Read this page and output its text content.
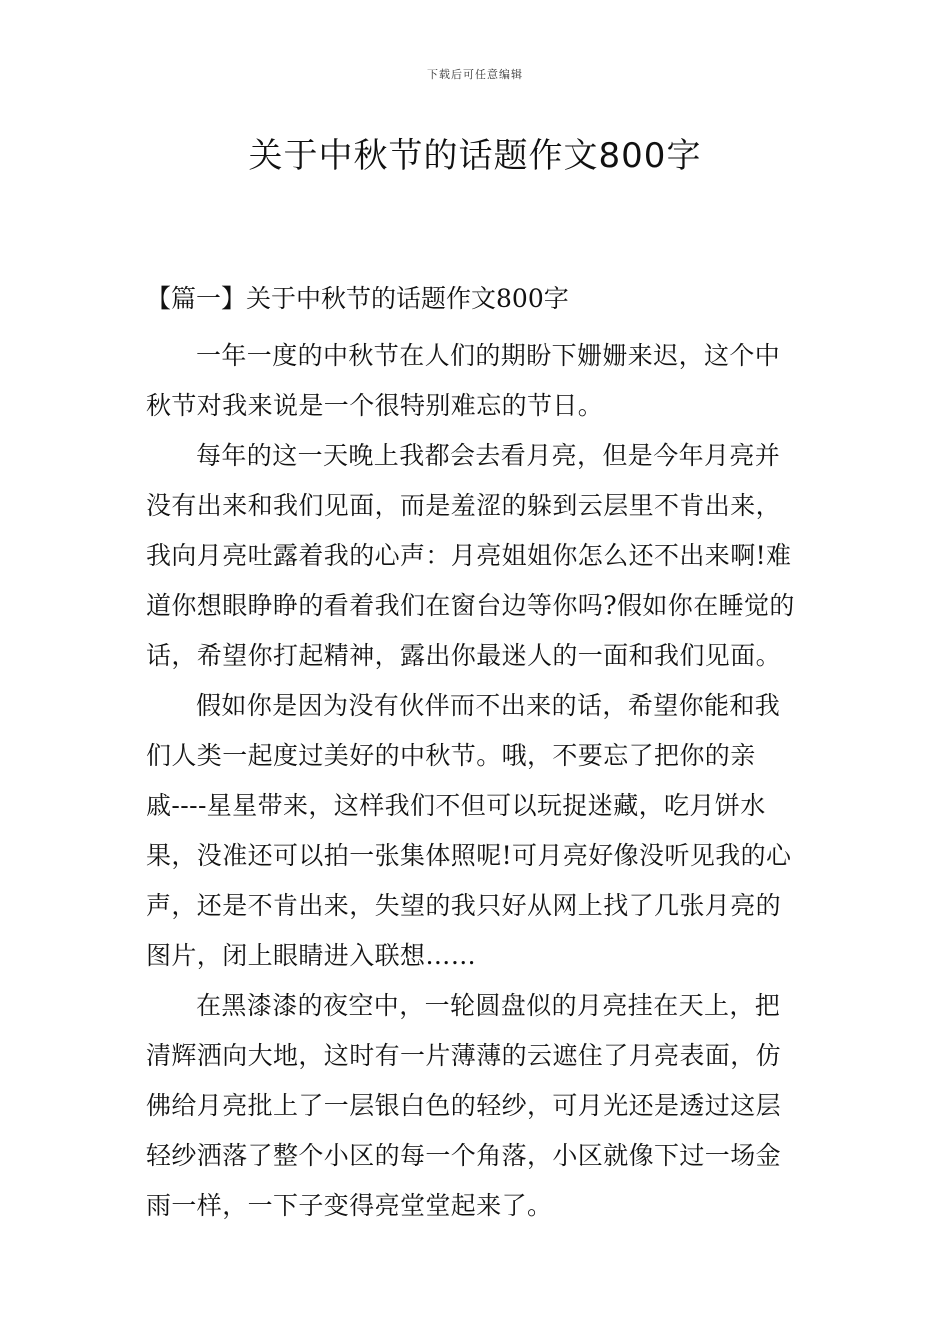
下载后可任意编辑
关于中秋节的话题作文800字
【篇一】关于中秋节的话题作文800字

一年一度的中秋节在人们的期盼下姗姗来迟，这个中
秋节对我来说是一个很特别难忘的节日。

每年的这一天晚上我都会去看月亮，但是今年月亮并
没有出来和我们见面，而是羞涩的躲到云层里不肯出来，
我向月亮吐露着我的心声：月亮姐姐你怎么还不出来啊!难
道你想眼睁睁的看着我们在窗台边等你吗?假如你在睡觉的
话，希望你打起精神，露出你最迷人的一面和我们见面。

假如你是因为没有伙伴而不出来的话，希望你能和我
们人类一起度过美好的中秋节。哦，不要忘了把你的亲
戚----星星带来，这样我们不但可以玩捉迷藏，吃月饼水
果，没准还可以拍一张集体照呢!可月亮好像没听见我的心
声，还是不肯出来，失望的我只好从网上找了几张月亮的
图片，闭上眼睛进入联想……

在黑漆漆的夜空中，一轮圆盘似的月亮挂在天上，把
清辉洒向大地，这时有一片薄薄的云遮住了月亮表面，仿
佛给月亮批上了一层银白色的轻纱，可月光还是透过这层
轻纱洒落了整个小区的每一个角落，小区就像下过一场金
雨一样，一下子变得亮堂堂起来了。
